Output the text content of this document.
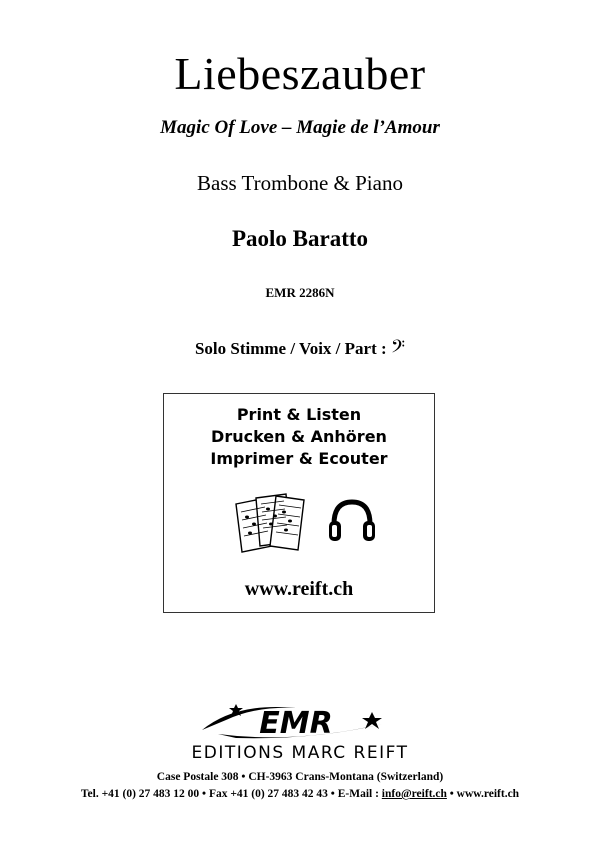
Liebeszauber
Magic Of Love – Magie de l’Amour
Bass Trombone & Piano
Paolo Baratto
EMR 2286N
Solo Stimme / Voix / Part : 𝄢
Print & Listen
Drucken & Anhören
Imprimer & Ecouter
www.reift.ch
EMR
EDITIONS MARC REIFT
Case Postale 308 • CH-3963 Crans-Montana (Switzerland)
Tel. +41 (0) 27 483 12 00 • Fax +41 (0) 27 483 42 43 • E-Mail : info@reift.ch • www.reift.ch
